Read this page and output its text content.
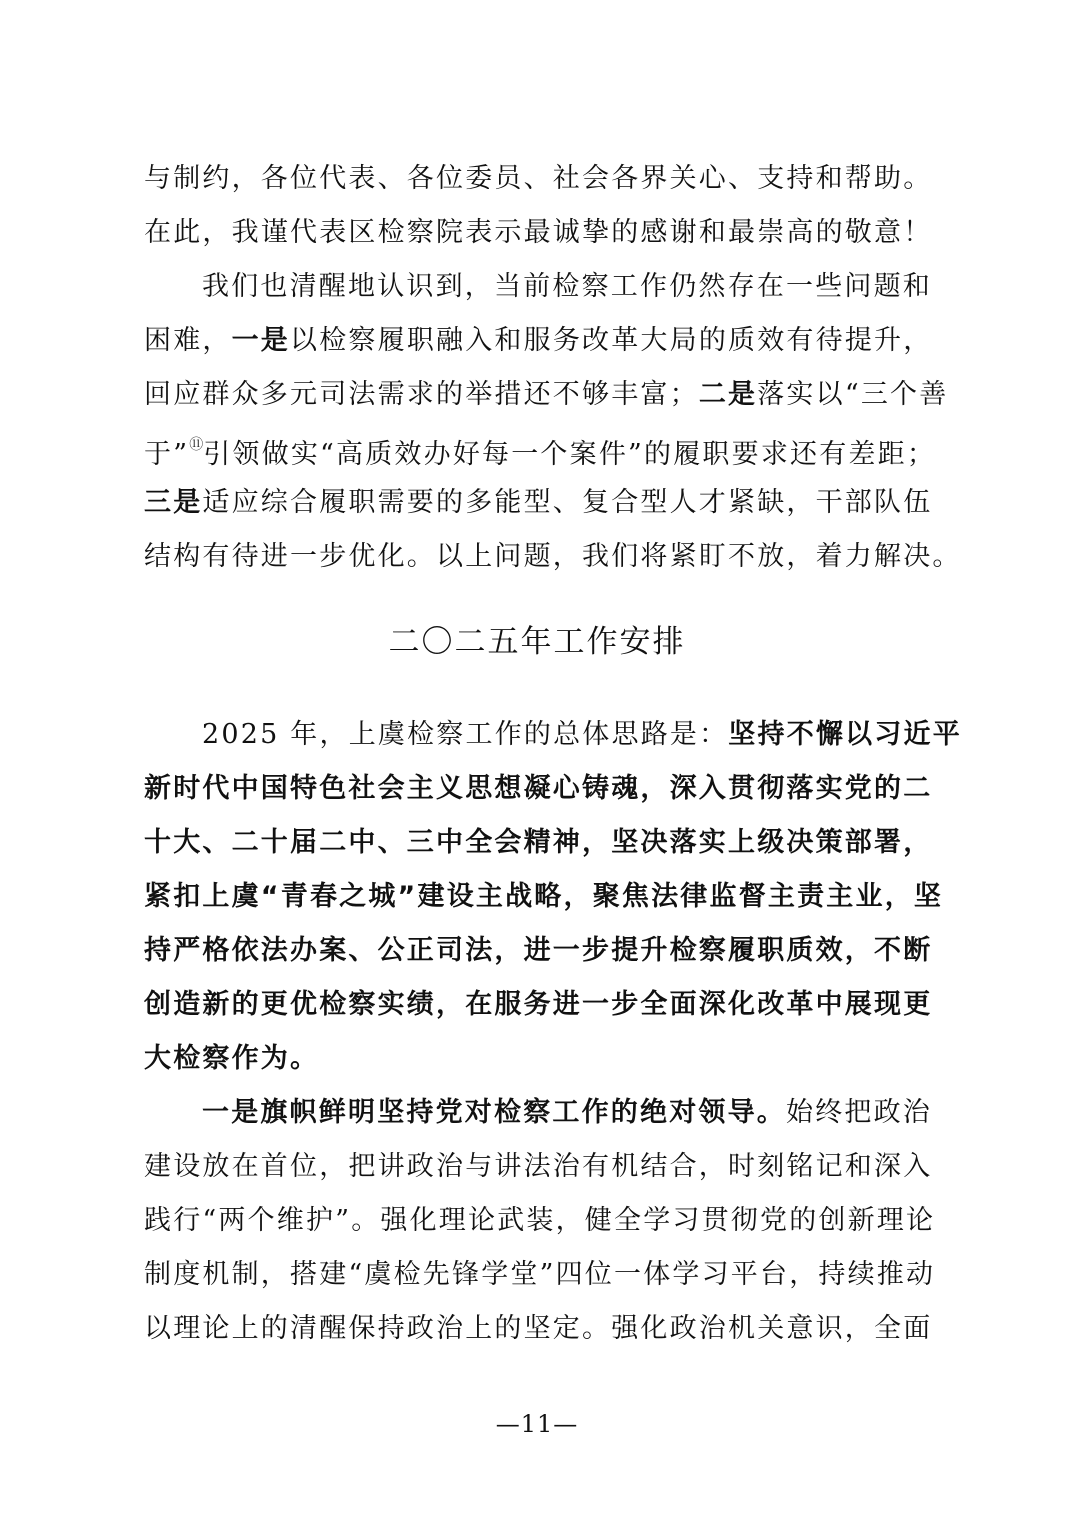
与制约，各位代表、各位委员、社会各界关心、支持和帮助。
在此，我谨代表区检察院表示最诚挚的感谢和最崇高的敬意！
我们也清醒地认识到，当前检察工作仍然存在一些问题和
困难，一是以检察履职融入和服务改革大局的质效有待提升，
回应群众多元司法需求的举措还不够丰富；二是落实以“三个善
于”⑪引领做实“高质效办好每一个案件”的履职要求还有差距；
三是适应综合履职需要的多能型、复合型人才紧缺，干部队伍
结构有待进一步优化。以上问题，我们将紧盯不放，着力解决。
二〇二五年工作安排
2025 年，上虞检察工作的总体思路是：坚持不懈以习近平
新时代中国特色社会主义思想凝心铸魂，深入贯彻落实党的二
十大、二十届二中、三中全会精神，坚决落实上级决策部署，
紧扣上虞“青春之城”建设主战略，聚焦法律监督主责主业，坚
持严格依法办案、公正司法，进一步提升检察履职质效，不断
创造新的更优检察实绩，在服务进一步全面深化改革中展现更
大检察作为。
一是旗帜鲜明坚持党对检察工作的绝对领导。始终把政治
建设放在首位，把讲政治与讲法治有机结合，时刻铭记和深入
践行“两个维护”。强化理论武装，健全学习贯彻党的创新理论
制度机制，搭建“虞检先锋学堂”四位一体学习平台，持续推动
以理论上的清醒保持政治上的坚定。强化政治机关意识，全面
—11—
